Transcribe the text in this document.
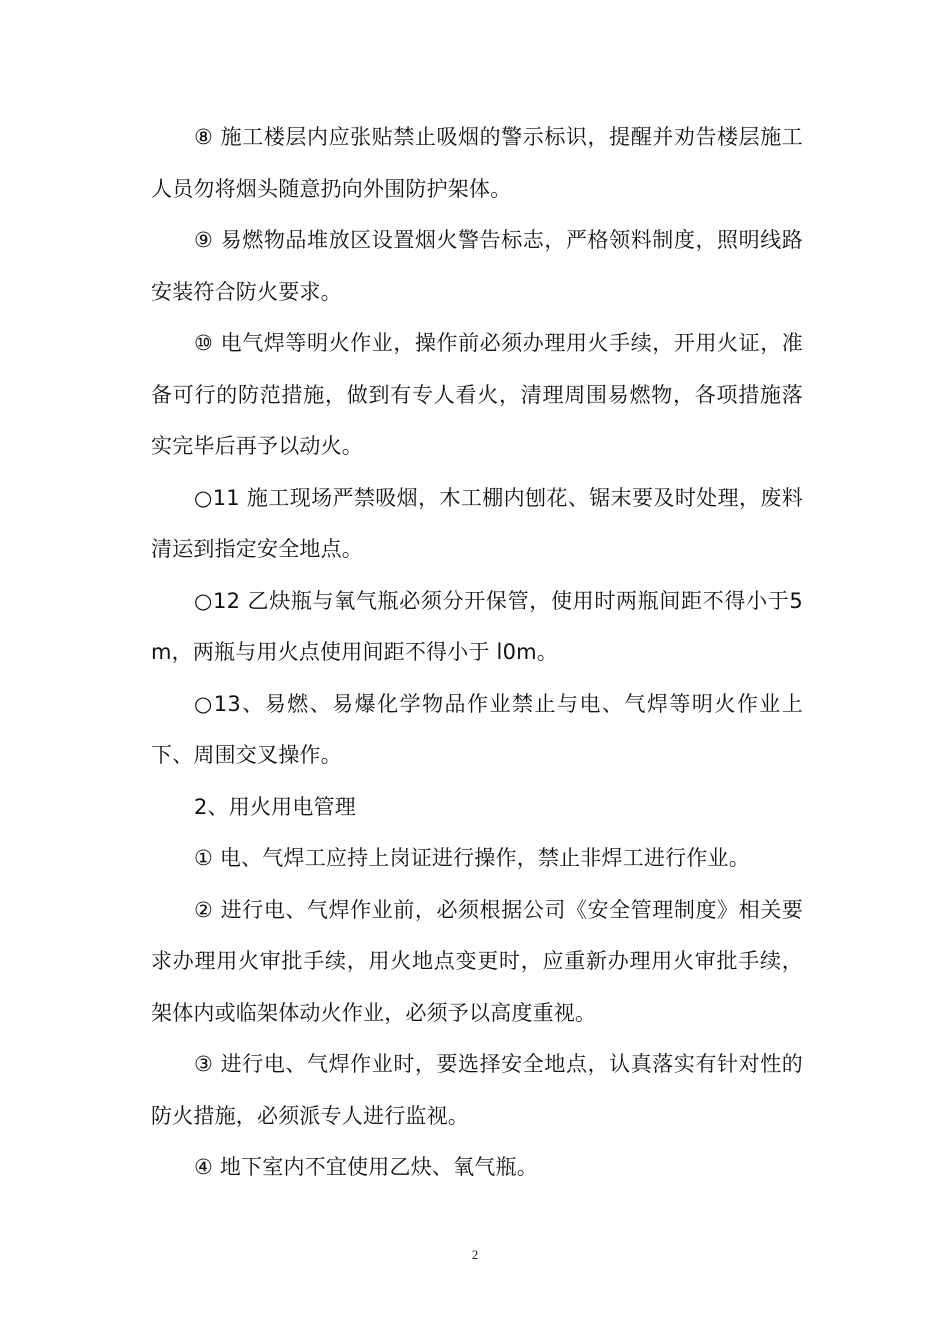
⑧ 施工楼层内应张贴禁止吸烟的警示标识，提醒并劝告楼层施工人员勿将烟头随意扔向外围防护架体。

⑨ 易燃物品堆放区设置烟火警告标志，严格领料制度，照明线路安装符合防火要求。

⑩ 电气焊等明火作业，操作前必须办理用火手续，开用火证，准备可行的防范措施，做到有专人看火，清理周围易燃物，各项措施落实完毕后再予以动火。

○11 施工现场严禁吸烟，木工棚内刨花、锯末要及时处理，废料清运到指定安全地点。

○12 乙炔瓶与氧气瓶必须分开保管，使用时两瓶间距不得小于5m，两瓶与用火点使用间距不得小于 l0m。

○13、易燃、易爆化学物品作业禁止与电、气焊等明火作业上下、周围交叉操作。

2、用火用电管理

① 电、气焊工应持上岗证进行操作，禁止非焊工进行作业。

② 进行电、气焊作业前，必须根据公司《安全管理制度》相关要求办理用火审批手续，用火地点变更时，应重新办理用火审批手续，架体内或临架体动火作业，必须予以高度重视。

③ 进行电、气焊作业时，要选择安全地点，认真落实有针对性的防火措施，必须派专人进行监视。

④ 地下室内不宜使用乙炔、氧气瓶。

2
